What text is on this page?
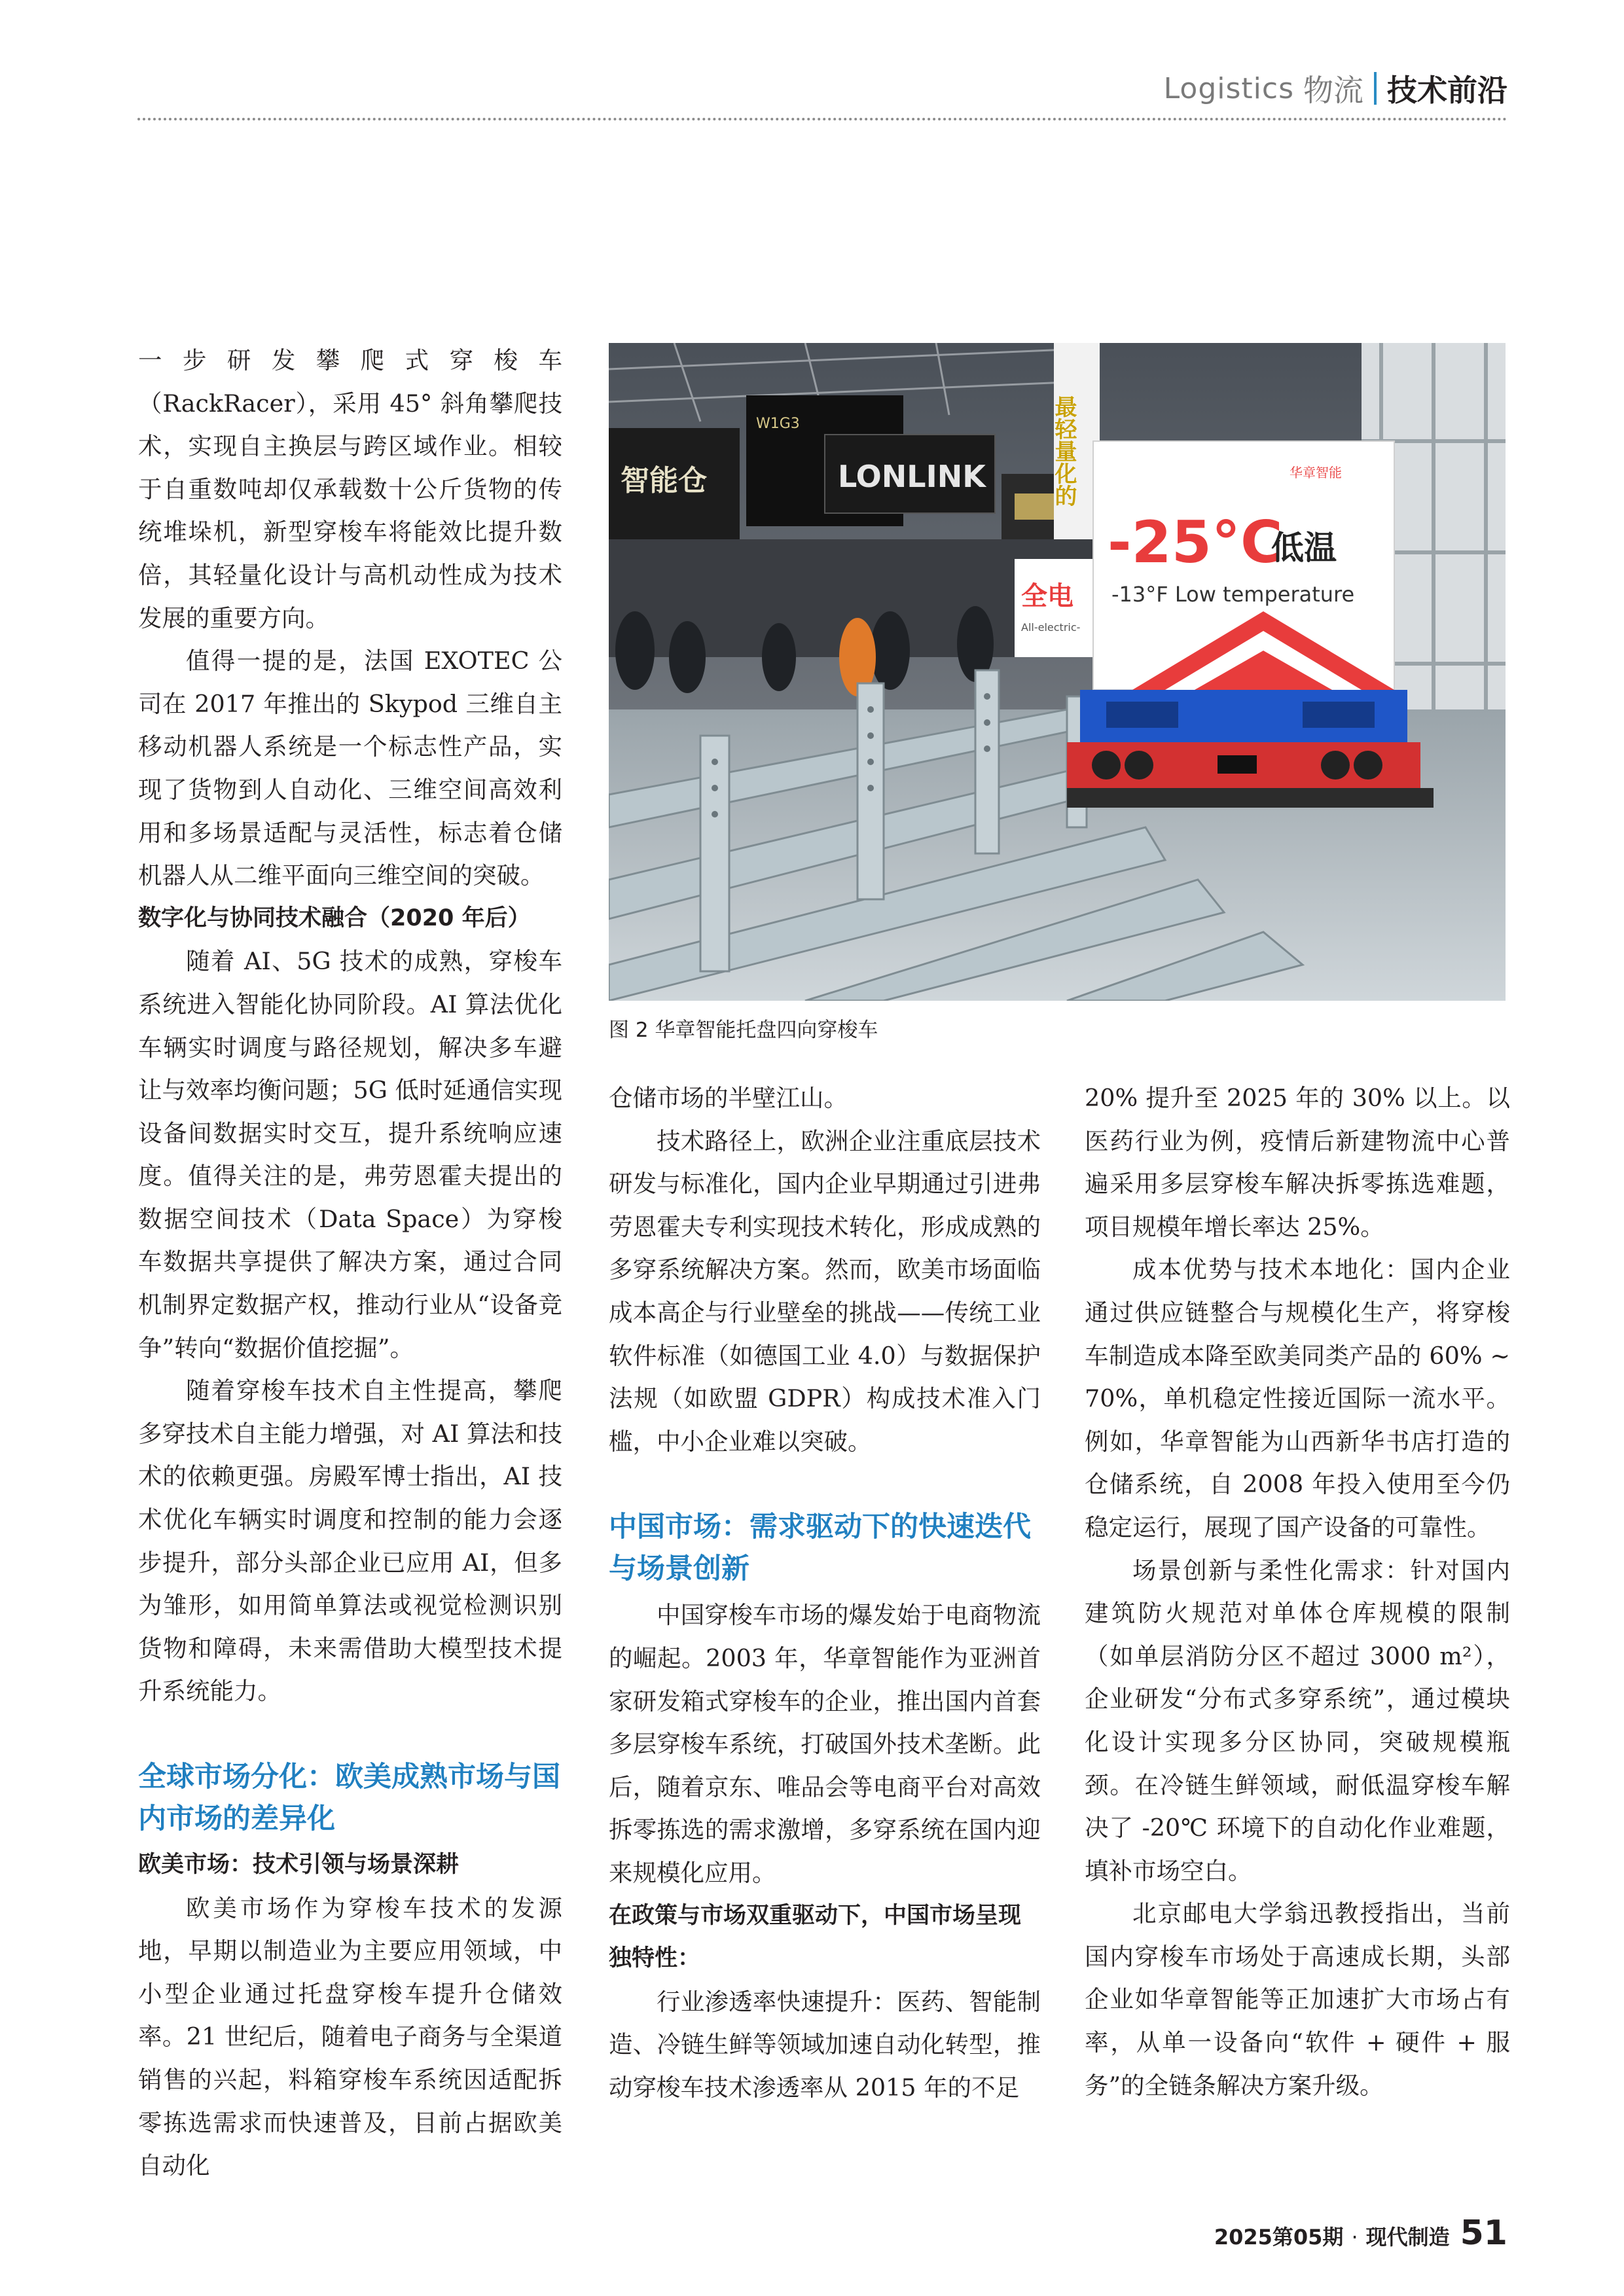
Logistics 物流 技术前沿

一步研发攀爬式穿梭车（RackRacer），采用 45° 斜角攀爬技术，实现自主换层与跨区域作业。相较于自重数吨却仅承载数十公斤货物的传统堆垛机，新型穿梭车将能效比提升数倍，其轻量化设计与高机动性成为技术发展的重要方向。

值得一提的是，法国 EXOTEC 公司在 2017 年推出的 Skypod 三维自主移动机器人系统是一个标志性产品，实现了货物到人自动化、三维空间高效利用和多场景适配与灵活性，标志着仓储机器人从二维平面向三维空间的突破。

数字化与协同技术融合（2020 年后）

随着 AI、5G 技术的成熟，穿梭车系统进入智能化协同阶段。AI 算法优化车辆实时调度与路径规划，解决多车避让与效率均衡问题；5G 低时延通信实现设备间数据实时交互，提升系统响应速度。值得关注的是，弗劳恩霍夫提出的数据空间技术（Data Space）为穿梭车数据共享提供了解决方案，通过合同机制界定数据产权，推动行业从“设备竞争”转向“数据价值挖掘”。

随着穿梭车技术自主性提高，攀爬多穿技术自主能力增强，对 AI 算法和技术的依赖更强。房殿军博士指出，AI 技术优化车辆实时调度和控制的能力会逐步提升，部分头部企业已应用 AI，但多为雏形，如用简单算法或视觉检测识别货物和障碍，未来需借助大模型技术提升系统能力。

全球市场分化：欧美成熟市场与国内市场的差异化
欧美市场：技术引领与场景深耕

欧美市场作为穿梭车技术的发源地，早期以制造业为主要应用领域，中小型企业通过托盘穿梭车提升仓储效率。21 世纪后，随着电子商务与全渠道销售的兴起，料箱穿梭车系统因适配拆零拣选需求而快速普及，目前占据欧美自动化

智能仓
W1G3
LONLINK	最轻量化的
全电
All-electric-
华章智能
-25°C
低温
-13°F Low temperature
图 2 华章智能托盘四向穿梭车

仓储市场的半壁江山。

技术路径上，欧洲企业注重底层技术研发与标准化，国内企业早期通过引进弗劳恩霍夫专利实现技术转化，形成成熟的多穿系统解决方案。然而，欧美市场面临成本高企与行业壁垒的挑战——传统工业软件标准（如德国工业 4.0）与数据保护法规（如欧盟 GDPR）构成技术准入门槛，中小企业难以突破。

中国市场：需求驱动下的快速迭代与场景创新

中国穿梭车市场的爆发始于电商物流的崛起。2003 年，华章智能作为亚洲首家研发箱式穿梭车的企业，推出国内首套多层穿梭车系统，打破国外技术垄断。此后，随着京东、唯品会等电商平台对高效拆零拣选的需求激增，多穿系统在国内迎来规模化应用。

在政策与市场双重驱动下，中国市场呈现独特性：

行业渗透率快速提升：医药、智能制造、冷链生鲜等领域加速自动化转型，推动穿梭车技术渗透率从 2015 年的不足

20% 提升至 2025 年的 30% 以上。以医药行业为例，疫情后新建物流中心普遍采用多层穿梭车解决拆零拣选难题，项目规模年增长率达 25%。

成本优势与技术本地化：国内企业通过供应链整合与规模化生产，将穿梭车制造成本降至欧美同类产品的 60% ~ 70%，单机稳定性接近国际一流水平。例如，华章智能为山西新华书店打造的仓储系统，自 2008 年投入使用至今仍稳定运行，展现了国产设备的可靠性。

场景创新与柔性化需求：针对国内建筑防火规范对单体仓库规模的限制（如单层消防分区不超过 3000 m²），企业研发“分布式多穿系统”，通过模块化设计实现多分区协同，突破规模瓶颈。在冷链生鲜领域，耐低温穿梭车解决了 -20℃ 环境下的自动化作业难题，填补市场空白。

北京邮电大学翁迅教授指出，当前国内穿梭车市场处于高速成长期，头部企业如华章智能等正加速扩大市场占有率，从单一设备向“软件 + 硬件 + 服务”的全链条解决方案升级。

2025第05期 · 现代制造 51
